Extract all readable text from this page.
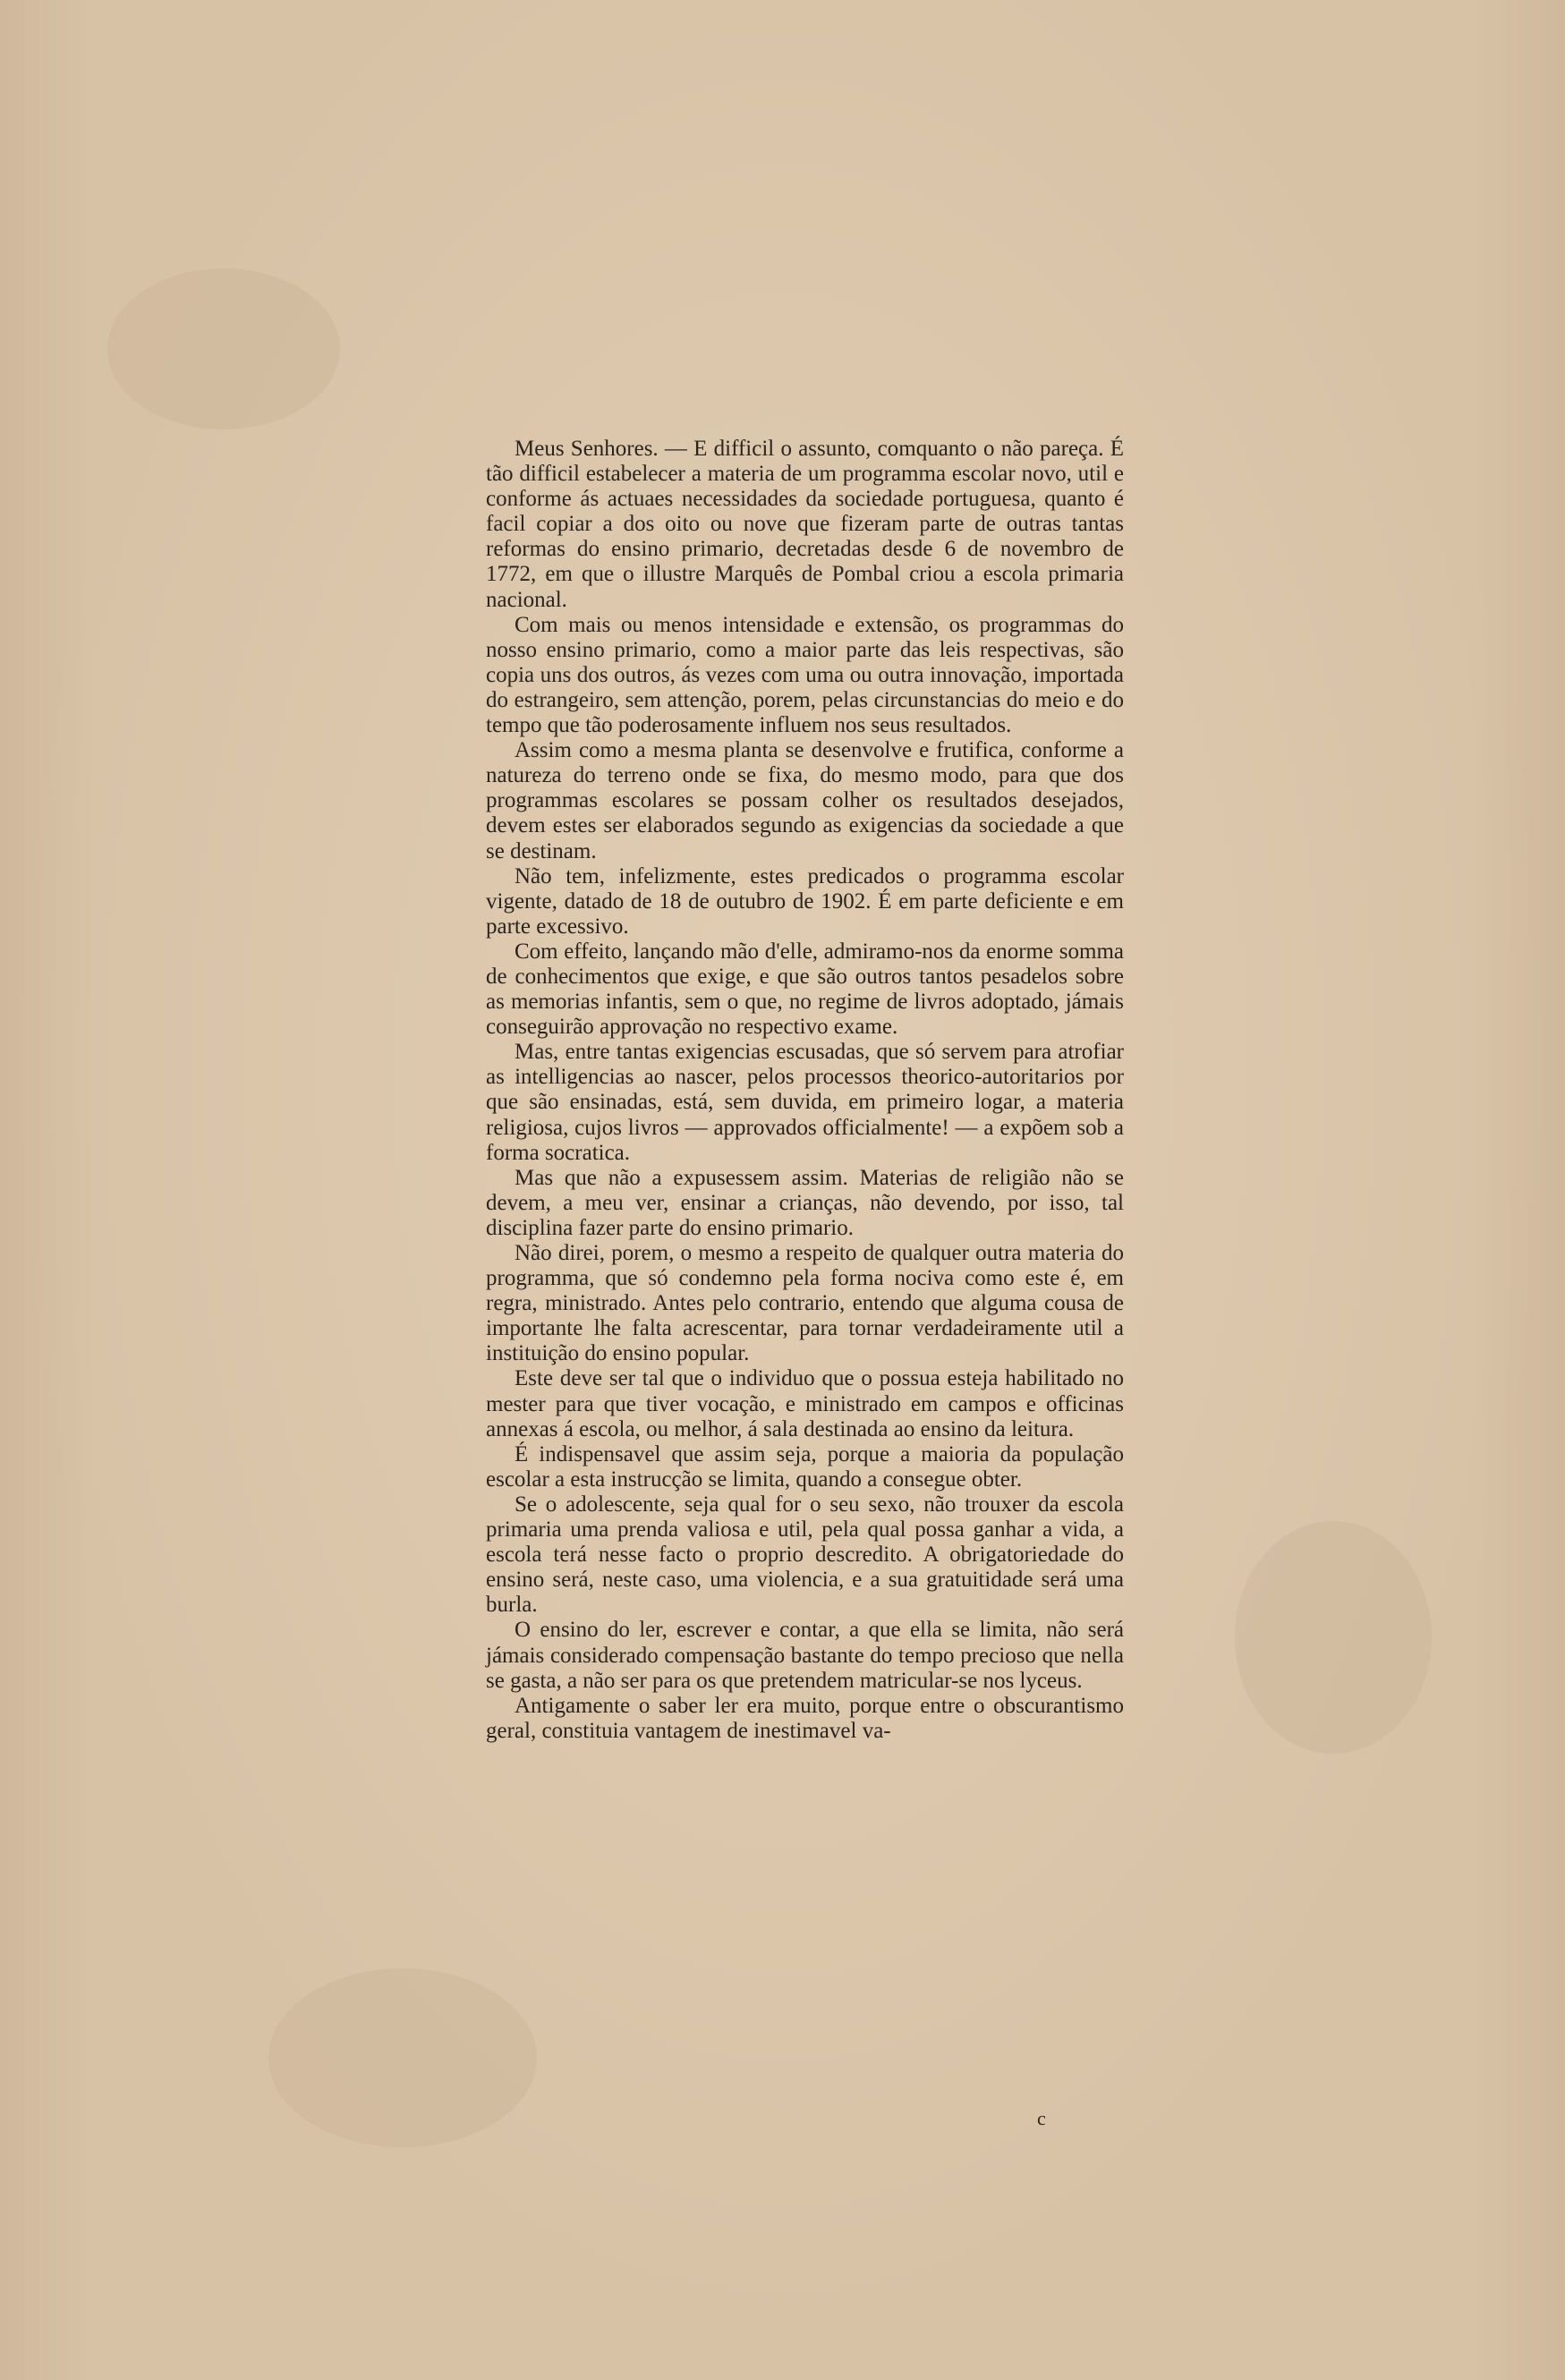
Meus Senhores. — E difficil o assunto, comquanto o não pareça. É tão difficil estabelecer a materia de um programma escolar novo, util e conforme ás actuaes necessidades da sociedade portuguesa, quanto é facil copiar a dos oito ou nove que fizeram parte de outras tantas reformas do ensino primario, decretadas desde 6 de novembro de 1772, em que o illustre Marquês de Pombal criou a escola primaria nacional.

Com mais ou menos intensidade e extensão, os programmas do nosso ensino primario, como a maior parte das leis respectivas, são copia uns dos outros, ás vezes com uma ou outra innovação, importada do estrangeiro, sem attenção, porem, pelas circunstancias do meio e do tempo que tão poderosamente influem nos seus resultados.

Assim como a mesma planta se desenvolve e frutifica, conforme a natureza do terreno onde se fixa, do mesmo modo, para que dos programmas escolares se possam colher os resultados desejados, devem estes ser elaborados segundo as exigencias da sociedade a que se destinam.

Não tem, infelizmente, estes predicados o programma escolar vigente, datado de 18 de outubro de 1902. É em parte deficiente e em parte excessivo.

Com effeito, lançando mão d'elle, admiramo-nos da enorme somma de conhecimentos que exige, e que são outros tantos pesadelos sobre as memorias infantis, sem o que, no regime de livros adoptado, jámais conseguirão approvação no respectivo exame.

Mas, entre tantas exigencias escusadas, que só servem para atrofiar as intelligencias ao nascer, pelos processos theorico-autoritarios por que são ensinadas, está, sem duvida, em primeiro logar, a materia religiosa, cujos livros — approvados officialmente! — a expõem sob a forma socratica.

Mas que não a expusessem assim. Materias de religião não se devem, a meu ver, ensinar a crianças, não devendo, por isso, tal disciplina fazer parte do ensino primario.

Não direi, porem, o mesmo a respeito de qualquer outra materia do programma, que só condemno pela forma nociva como este é, em regra, ministrado. Antes pelo contrario, entendo que alguma cousa de importante lhe falta acrescentar, para tornar verdadeiramente util a instituição do ensino popular.

Este deve ser tal que o individuo que o possua esteja habilitado no mester para que tiver vocação, e ministrado em campos e officinas annexas á escola, ou melhor, á sala destinada ao ensino da leitura.

É indispensavel que assim seja, porque a maioria da população escolar a esta instrucção se limita, quando a consegue obter.

Se o adolescente, seja qual for o seu sexo, não trouxer da escola primaria uma prenda valiosa e util, pela qual possa ganhar a vida, a escola terá nesse facto o proprio descredito. A obrigatoriedade do ensino será, neste caso, uma violencia, e a sua gratuitidade será uma burla.

O ensino do ler, escrever e contar, a que ella se limita, não será jámais considerado compensação bastante do tempo precioso que nella se gasta, a não ser para os que pretendem matricular-se nos lyceus.

Antigamente o saber ler era muito, porque entre o obscurantismo geral, constituia vantagem de inestimavel va-

c
